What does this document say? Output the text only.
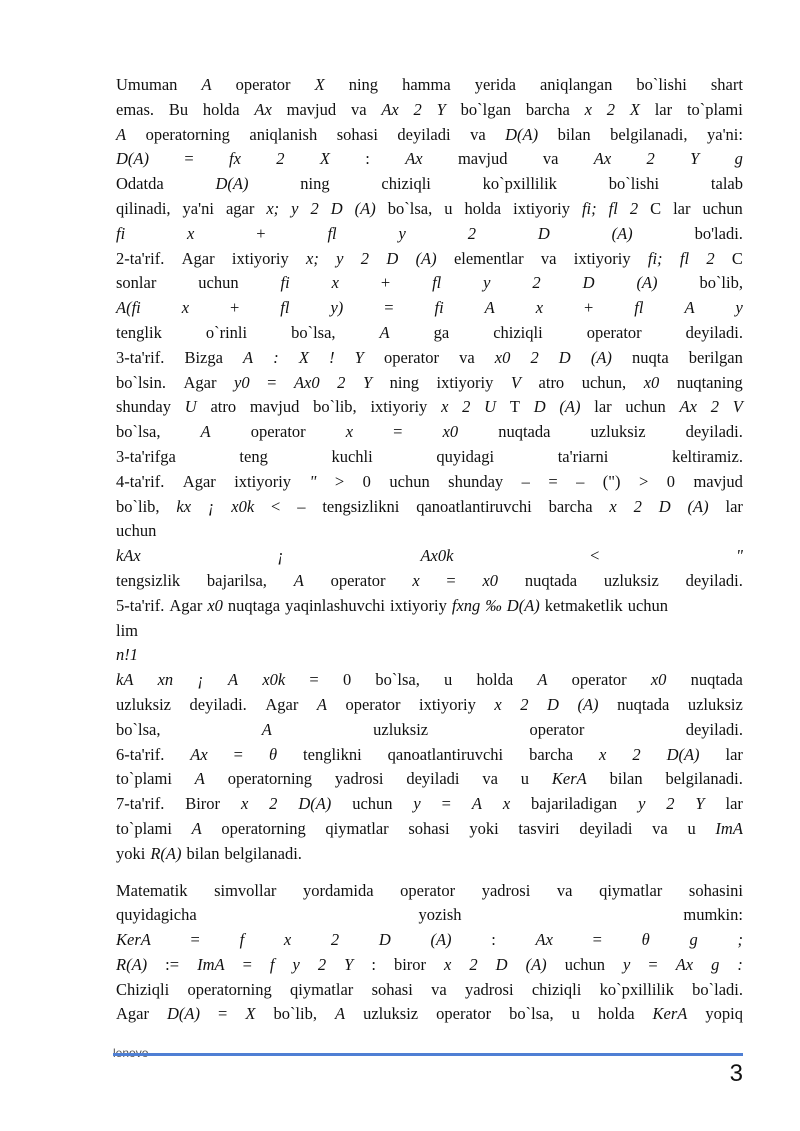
Umuman A operator X ning hamma yerida aniqlangan bo`lishi shart
emas. Bu holda Ax mavjud va Ax 2 Y bo`lgan barcha x 2 X lar to`plami
A operatorning aniqlanish sohasi deyiladi va D(A) bilan belgilanadi, ya'ni:
D(A) = fx 2 X : Ax mavjud va Ax 2 Y g
Odatda	D(A)	ning	chiziqli	ko`pxillilik	bo`lishi	talab
qilinadi, ya'ni agar x; y 2 D (A) bo`lsa, u holda ixtiyoriy fi; fl 2 C lar uchun
fi	x	+	fl	y	2	D	(A)	bo'ladi.
2-ta'rif. Agar ixtiyoriy x; y 2 D (A) elementlar va ixtiyoriy fi; fl 2 C
sonlar	uchun	fi	x	+	fl	y	2	D	(A)	bo`lib,
A(fi x + fl y) = fi A x + fl A y
tenglik	o`rinli	bo`lsa,	A	ga	chiziqli	operator	deyiladi.
3-ta'rif. Bizga A : X ! Y operator va x0 2 D (A) nuqta berilgan
bo`lsin. Agar y0 = Ax0 2 Y ning ixtiyoriy V atro uchun, x0 nuqtaning
shunday U atro mavjud bo`lib, ixtiyoriy x 2 U T D (A) lar uchun Ax 2 V
bo`lsa, A operator x = x0 nuqtada uzluksiz deyiladi.
3-ta'rifga	teng	kuchli	quyidagi	ta'riarni	keltiramiz.
4-ta'rif. Agar ixtiyoriy " > 0 uchun shunday – = – (") > 0 mavjud
bo`lib, kx ¡ x0k < – tengsizlikni qanoatlantiruvchi barcha x 2 D (A) lar
uchun
kAx	¡	Ax0k	<	"
tengsizlik bajarilsa, A operator x = x0 nuqtada uzluksiz deyiladi.
5-ta'rif. Agar x0 nuqtaga yaqinlashuvchi ixtiyoriy fxng ‰ D(A) ketmaketlik uchun
lim
n!1
kA xn ¡ A x0k = 0 bo`lsa, u holda A operator x0 nuqtada
uzluksiz deyiladi. Agar A operator ixtiyoriy x 2 D (A) nuqtada uzluksiz
bo`lsa,	A	uzluksiz	operator	deyiladi.
6-ta'rif. Ax = θ tenglikni qanoatlantiruvchi barcha x 2 D(A) lar
to`plami A operatorning yadrosi deyiladi va u KerA bilan belgilanadi.
7-ta'rif. Biror x 2 D(A) uchun y = A x bajariladigan y 2 Y lar
to`plami A operatorning qiymatlar sohasi yoki tasviri deyiladi va u ImA
yoki R(A) bilan belgilanadi.
Matematik simvollar yordamida operator yadrosi va qiymatlar sohasini
quyidagicha	yozish	mumkin:
KerA = f x 2 D (A) : Ax = θ g ;
R(A) := ImA = f y 2 Y : biror x 2 D (A) uchun y = Ax g :
Chiziqli operatorning qiymatlar sohasi va yadrosi chiziqli ko`pxillilik bo`ladi.
Agar D(A) = X bo`lib, A uzluksiz operator bo`lsa, u holda KerA yopiq
3
